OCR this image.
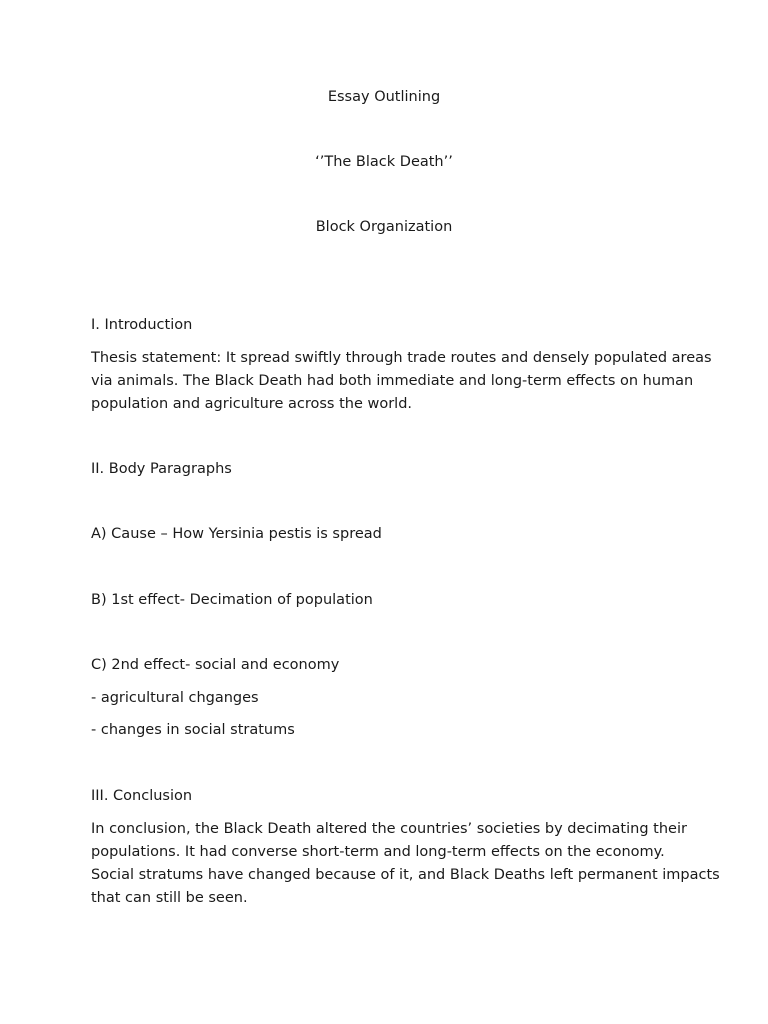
Essay Outlining
‘’The Black Death’’
Block Organization
I. Introduction
Thesis statement: It spread swiftly through trade routes and densely populated areas
via animals. The Black Death had both immediate and long-term effects on human
population and agriculture across the world.
II. Body Paragraphs
A) Cause – How Yersinia pestis is spread
B) 1st effect- Decimation of population
C) 2nd effect- social and economy
- agricultural chganges
- changes in social stratums
III. Conclusion
In conclusion, the Black Death altered the countries’ societies by decimating their
populations. It had converse short-term and long-term effects on the economy.
Social stratums have changed because of it, and Black Deaths left permanent impacts
that can still be seen.
